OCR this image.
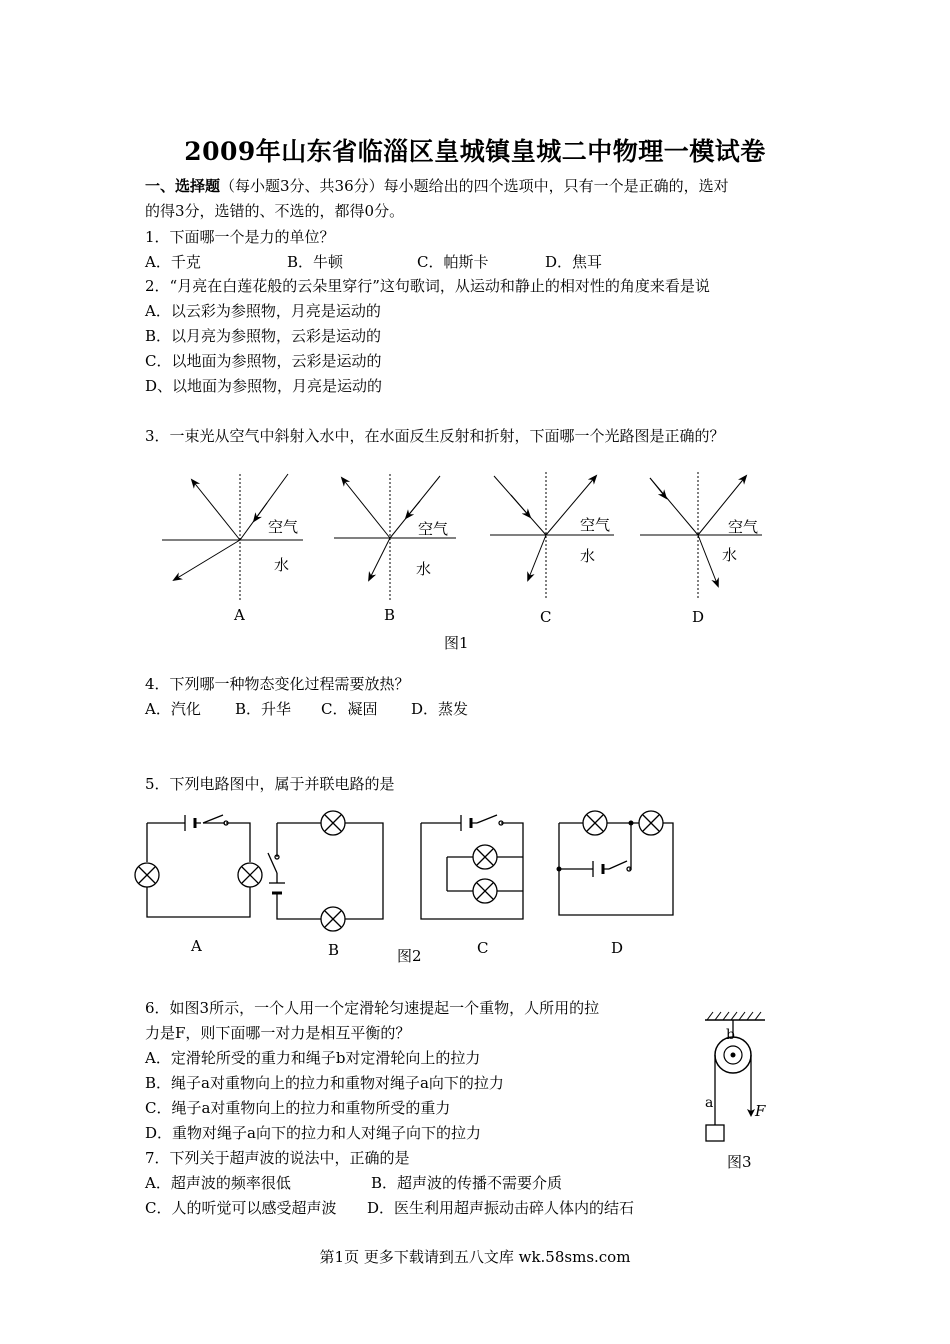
2009年山东省临淄区皇城镇皇城二中物理一模试卷
一、选择题（每小题3分、共36分）每小题给出的四个选项中，只有一个是正确的，选对
的得3分，选错的、不选的，都得0分。
1．下面哪一个是力的单位？
A．千克	B．牛顿	C．帕斯卡	D．焦耳
2．“月亮在白莲花般的云朵里穿行”这句歌词，从运动和静止的相对性的角度来看是说
A．以云彩为参照物，月亮是运动的
B．以月亮为参照物，云彩是运动的
C．以地面为参照物，云彩是运动的
D、以地面为参照物，月亮是运动的
3．一束光从空气中斜射入水中，在水面反生反射和折射，下面哪一个光路图是正确的？
空气
水
A
空气
水
B
空气
水
C
空气
水
D
图1
4．下列哪一种物态变化过程需要放热？
A．汽化 B．升华 C．凝固 D．蒸发
5．下列电路图中，属于并联电路的是
A	B	C	D
图2
6．如图3所示，一个人用一个定滑轮匀速提起一个重物，人所用的拉
力是F，则下面哪一对力是相互平衡的？
A．定滑轮所受的重力和绳子b对定滑轮向上的拉力
B．绳子a对重物向上的拉力和重物对绳子a向下的拉力
C．绳子a对重物向上的拉力和重物所受的重力
D．重物对绳子a向下的拉力和人对绳子向下的拉力
b
a	F
图3
7．下列关于超声波的说法中，正确的是
A．超声波的频率很低	B．超声波的传播不需要介质
C．人的听觉可以感受超声波 D．医生利用超声振动击碎人体内的结石
第1页 更多下载请到五八文库 wk.58sms.com
